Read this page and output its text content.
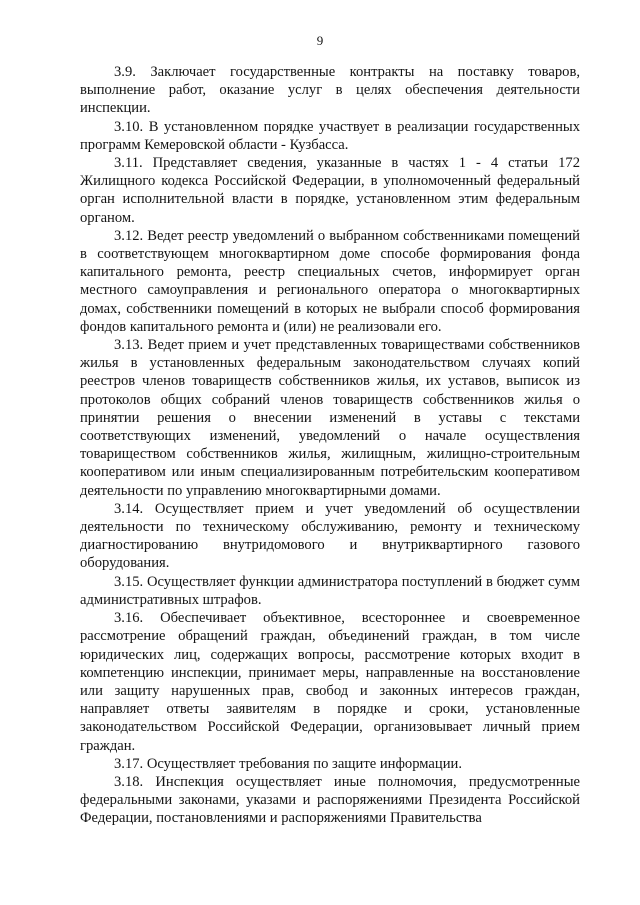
9

3.9. Заключает государственные контракты на поставку товаров, выполнение работ, оказание услуг в целях обеспечения деятельности инспекции.

3.10. В установленном порядке участвует в реализации государственных программ Кемеровской области - Кузбасса.

3.11. Представляет сведения, указанные в частях 1 - 4 статьи 172 Жилищного кодекса Российской Федерации, в уполномоченный федеральный орган исполнительной власти в порядке, установленном этим федеральным органом.

3.12. Ведет реестр уведомлений о выбранном собственниками помещений в соответствующем многоквартирном доме способе формирования фонда капитального ремонта, реестр специальных счетов, информирует орган местного самоуправления и регионального оператора о многоквартирных домах, собственники помещений в которых не выбрали способ формирования фондов капитального ремонта и (или) не реализовали его.

3.13. Ведет прием и учет представленных товариществами собственников жилья в установленных федеральным законодательством случаях копий реестров членов товариществ собственников жилья, их уставов, выписок из протоколов общих собраний членов товариществ собственников жилья о принятии решения о внесении изменений в уставы с текстами соответствующих изменений, уведомлений о начале осуществления товариществом собственников жилья, жилищным, жилищно-строительным кооперативом или иным специализированным потребительским кооперативом деятельности по управлению многоквартирными домами.

3.14. Осуществляет прием и учет уведомлений об осуществлении деятельности по техническому обслуживанию, ремонту и техническому диагностированию внутридомового и внутриквартирного газового оборудования.

3.15. Осуществляет функции администратора поступлений в бюджет сумм административных штрафов.

3.16. Обеспечивает объективное, всестороннее и своевременное рассмотрение обращений граждан, объединений граждан, в том числе юридических лиц, содержащих вопросы, рассмотрение которых входит в компетенцию инспекции, принимает меры, направленные на восстановление или защиту нарушенных прав, свобод и законных интересов граждан, направляет ответы заявителям в порядке и сроки, установленные законодательством Российской Федерации, организовывает личный прием граждан.

3.17. Осуществляет требования по защите информации.

3.18. Инспекция осуществляет иные полномочия, предусмотренные федеральными законами, указами и распоряжениями Президента Российской Федерации, постановлениями и распоряжениями Правительства
